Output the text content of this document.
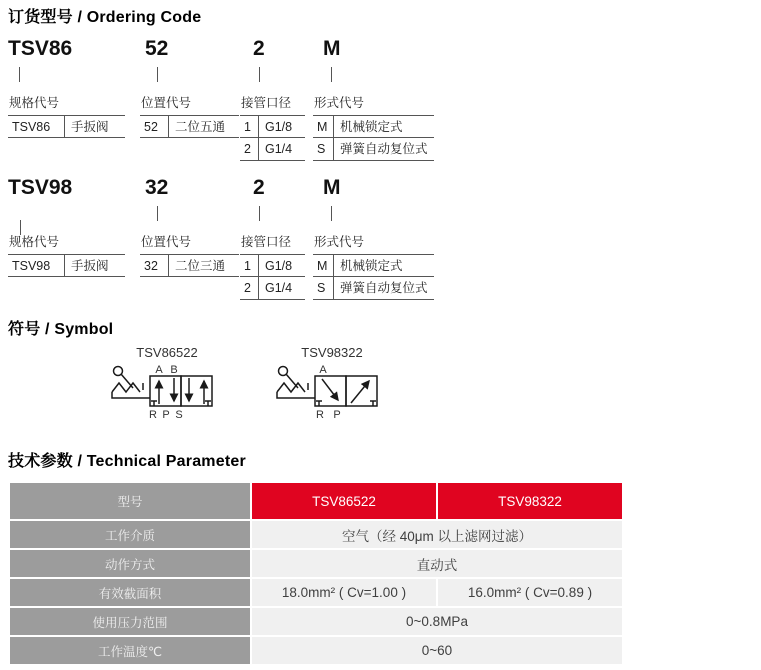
订货型号 / Ordering Code
TSV86	52	2	M
规格代号
TSV86	手扳阀
位置代号
52	二位五通
接管口径
1	G1/8
2	G1/4
形式代号
M	机械锁定式
S	弹簧自动复位式
TSV98	32	2	M
规格代号
TSV98	手扳阀
位置代号
32	二位三通
接管口径
1	G1/8
2	G1/4
形式代号
M	机械锁定式
S	弹簧自动复位式
符号 / Symbol
TSV86522	TSV98322
A B
R P S
A
R P
技术参数 / Technical Parameter
型号	TSV86522	TSV98322
工作介质	空气（经 40μm 以上滤网过滤）
动作方式	直动式
有效截面积	18.0mm² ( Cv=1.00 )	16.0mm² ( Cv=0.89 )
使用压力范围	0~0.8MPa
工作温度℃	0~60
